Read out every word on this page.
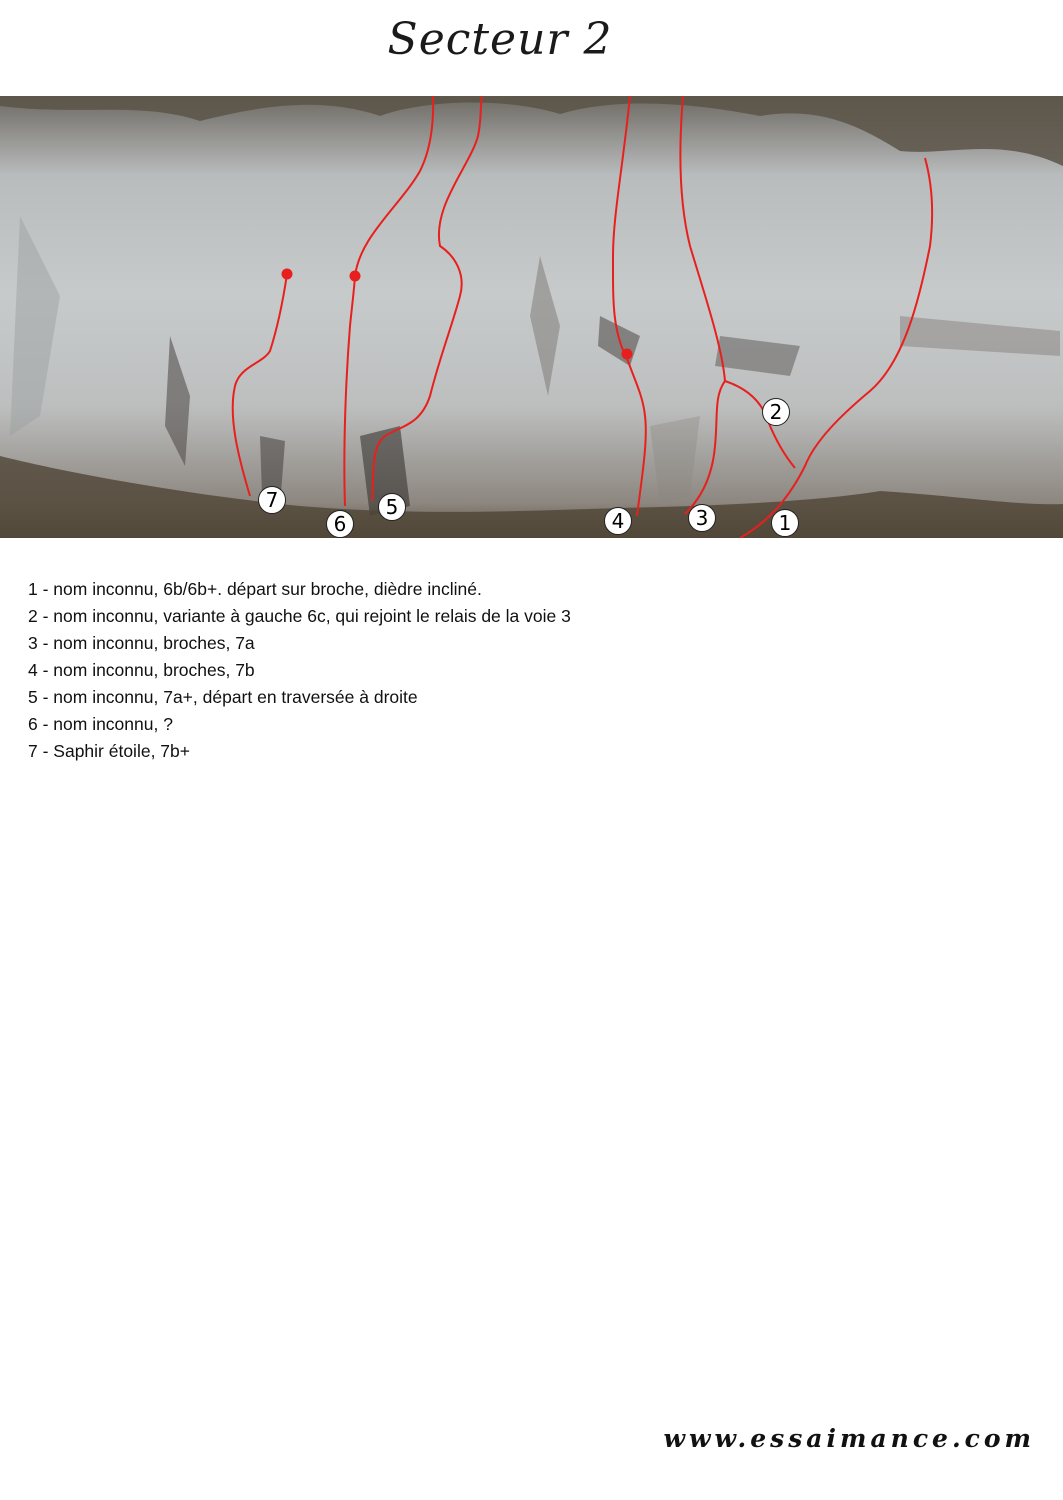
Secteur 2
1
2
3
4
5
6
7
1 - nom inconnu, 6b/6b+. départ sur broche, dièdre incliné.
2 - nom inconnu, variante à gauche 6c, qui rejoint le relais de la voie 3
3 - nom inconnu, broches, 7a
4 - nom inconnu, broches, 7b
5 - nom inconnu, 7a+, départ en traversée à droite
6 - nom inconnu, ?
7 - Saphir étoile, 7b+
www.essaimance.com
